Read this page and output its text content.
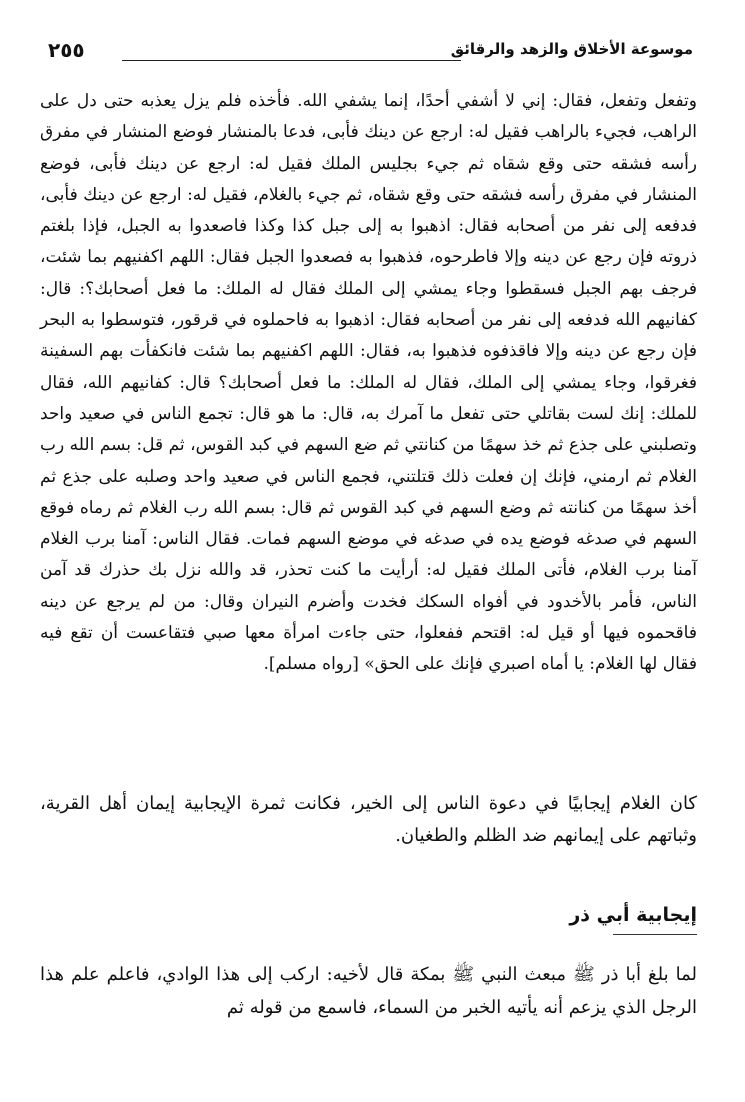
موسوعة الأخلاق والزهد والرقائق
٢٥٥

وتفعل وتفعل، فقال: إني لا أشفي أحدًا، إنما يشفي الله. فأخذه فلم يزل يعذبه حتى دل على الراهب، فجيء بالراهب فقيل له: ارجع عن دينك فأبى، فدعا بالمنشار فوضع المنشار في مفرق رأسه فشقه حتى وقع شقاه ثم جيء بجليس الملك فقيل له: ارجع عن دينك فأبى، فوضع المنشار في مفرق رأسه فشقه حتى وقع شقاه، ثم جيء بالغلام، فقيل له: ارجع عن دينك فأبى، فدفعه إلى نفر من أصحابه فقال: اذهبوا به إلى جبل كذا وكذا فاصعدوا به الجبل، فإذا بلغتم ذروته فإن رجع عن دينه وإلا فاطرحوه، فذهبوا به فصعدوا الجبل فقال: اللهم اكفنيهم بما شئت، فرجف بهم الجبل فسقطوا وجاء يمشي إلى الملك فقال له الملك: ما فعل أصحابك؟: قال: كفانيهم الله فدفعه إلى نفر من أصحابه فقال: اذهبوا به فاحملوه في قرقور، فتوسطوا به البحر فإن رجع عن دينه وإلا فاقذفوه فذهبوا به، فقال: اللهم اكفنيهم بما شئت فانكفأت بهم السفينة فغرقوا، وجاء يمشي إلى الملك، فقال له الملك: ما فعل أصحابك؟ قال: كفانيهم الله، فقال للملك: إنك لست بقاتلي حتى تفعل ما آمرك به، قال: ما هو قال: تجمع الناس في صعيد واحد وتصلبني على جذع ثم خذ سهمًا من كنانتي ثم ضع السهم في كبد القوس، ثم قل: بسم الله رب الغلام ثم ارمني، فإنك إن فعلت ذلك قتلتني، فجمع الناس في صعيد واحد وصلبه على جذع ثم أخذ سهمًا من كنانته ثم وضع السهم في كبد القوس ثم قال: بسم الله رب الغلام ثم رماه فوقع السهم في صدغه فوضع يده في صدغه في موضع السهم فمات. فقال الناس: آمنا برب الغلام آمنا برب الغلام، فأتى الملك فقيل له: أرأيت ما كنت تحذر، قد والله نزل بك حذرك قد آمن الناس، فأمر بالأخدود في أفواه السكك فخدت وأضرم النيران وقال: من لم يرجع عن دينه فاقحموه فيها أو قيل له: اقتحم ففعلوا، حتى جاءت امرأة معها صبي فتقاعست أن تقع فيه فقال لها الغلام: يا أماه اصبري فإنك على الحق» [رواه مسلم].

كان الغلام إيجابيًا في دعوة الناس إلى الخير، فكانت ثمرة الإيجابية إيمان أهل القرية، وثباتهم على إيمانهم ضد الظلم والطغيان.

إيجابية أبي ذر

لما بلغ أبا ذر ﷺ مبعث النبي ﷺ بمكة قال لأخيه: اركب إلى هذا الوادي، فاعلم علم هذا الرجل الذي يزعم أنه يأتيه الخبر من السماء، فاسمع من قوله ثم
